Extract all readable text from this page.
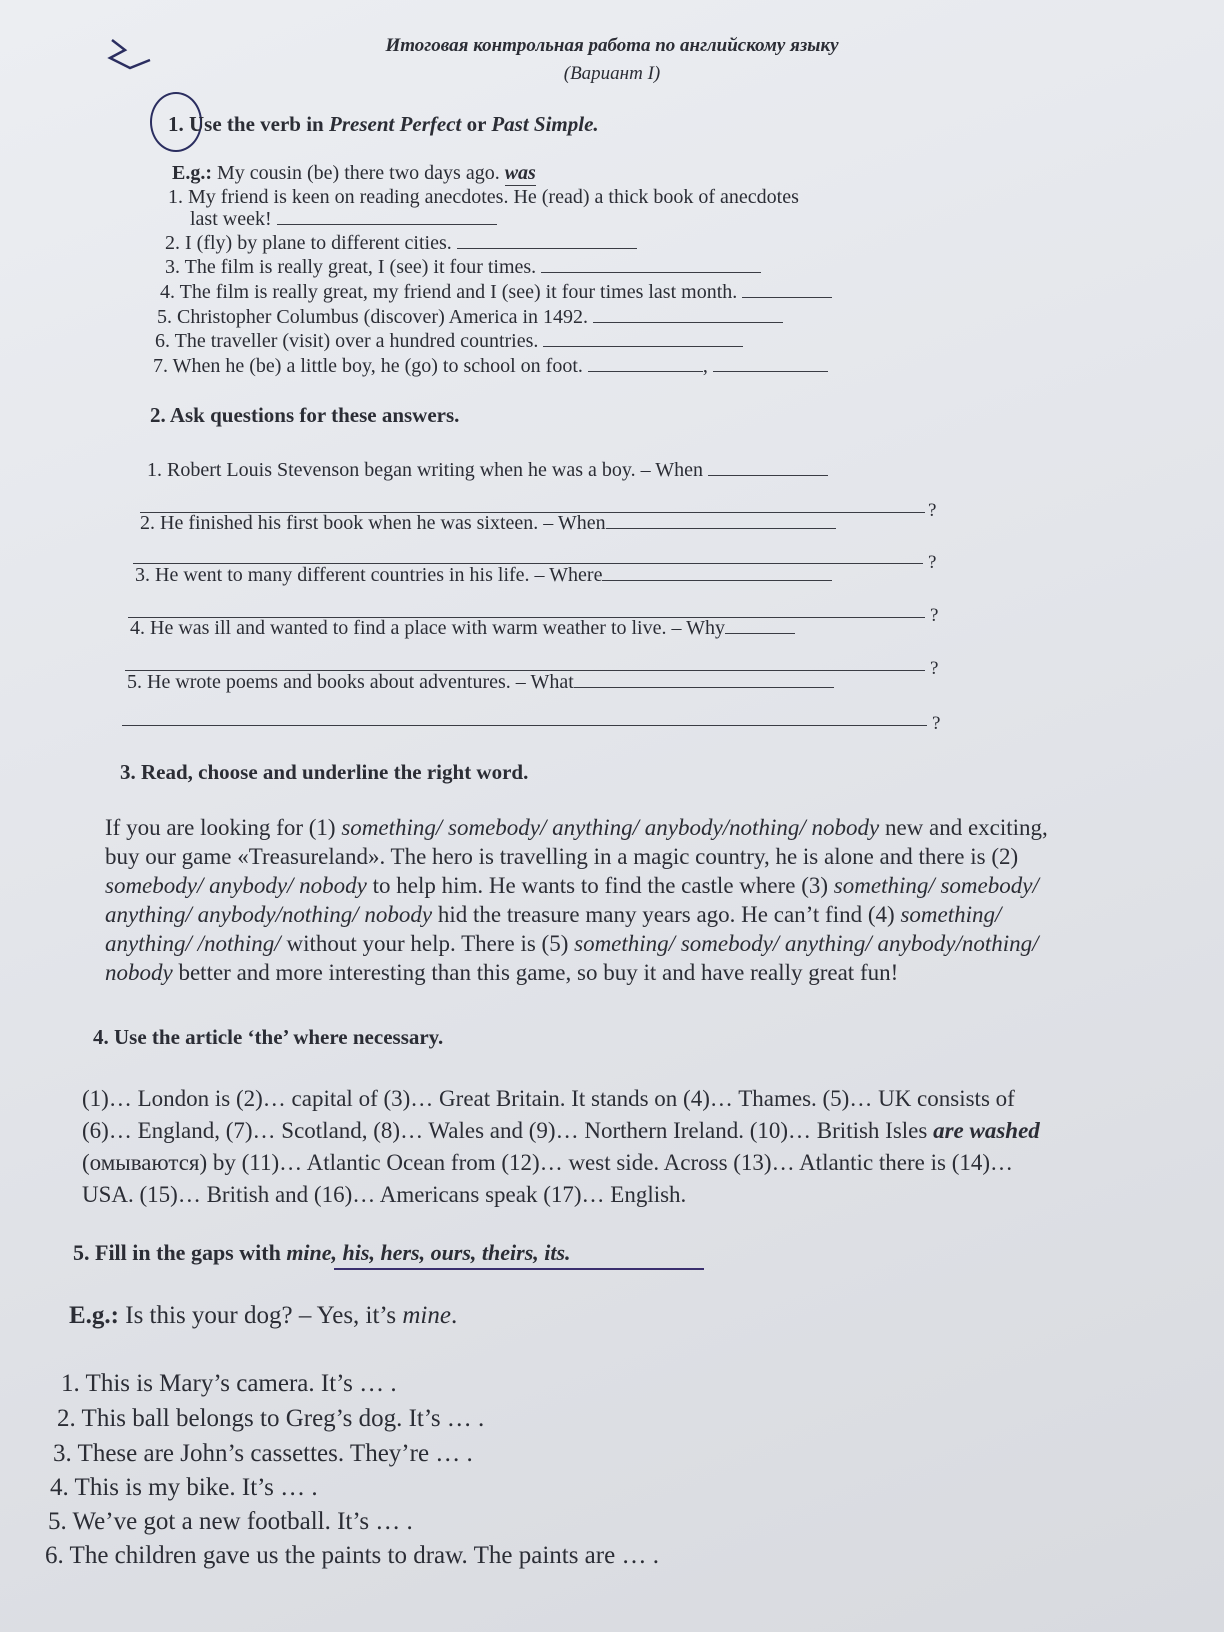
Итоговая контрольная работа по английскому языку
(Вариант I)
1. Use the verb in Present Perfect or Past Simple.
E.g.: My cousin (be) there two days ago. was
1. My friend is keen on reading anecdotes. He (read) a thick book of anecdotes
last week!
2. I (fly) by plane to different cities.
3. The film is really great, I (see) it four times.
4. The film is really great, my friend and I (see) it four times last month.
5. Christopher Columbus (discover) America in 1492.
6. The traveller (visit) over a hundred countries.
7. When he (be) a little boy, he (go) to school on foot.	,
2. Ask questions for these answers.
1. Robert Louis Stevenson began writing when he was a boy. – When
?
2. He finished his first book when he was sixteen. – When
?
3. He went to many different countries in his life. – Where
?
4. He was ill and wanted to find a place with warm weather to live. – Why
?
5. He wrote poems and books about adventures. – What
?
3. Read, choose and underline the right word.
If you are looking for (1) something/ somebody/ anything/ anybody/nothing/ nobody new and exciting,
buy our game «Treasureland». The hero is travelling in a magic country, he is alone and there is (2)
somebody/ anybody/ nobody to help him. He wants to find the castle where (3) something/ somebody/
anything/ anybody/nothing/ nobody hid the treasure many years ago. He can’t find (4) something/
anything/ /nothing/ without your help. There is (5) something/ somebody/ anything/ anybody/nothing/
nobody better and more interesting than this game, so buy it and have really great fun!
4. Use the article ‘the’ where necessary.
(1)… London is (2)… capital of (3)… Great Britain. It stands on (4)… Thames. (5)… UK consists of
(6)… England, (7)… Scotland, (8)… Wales and (9)… Northern Ireland. (10)… British Isles are washed
(омываются) by (11)… Atlantic Ocean from (12)… west side. Across (13)… Atlantic there is (14)…
USA. (15)… British and (16)… Americans speak (17)… English.
5. Fill in the gaps with mine, his, hers, ours, theirs, its.
E.g.: Is this your dog? – Yes, it’s mine.
1. This is Mary’s camera. It’s … .
2. This ball belongs to Greg’s dog. It’s … .
3. These are John’s cassettes. They’re … .
4. This is my bike. It’s … .
5. We’ve got a new football. It’s … .
6. The children gave us the paints to draw. The paints are … .
